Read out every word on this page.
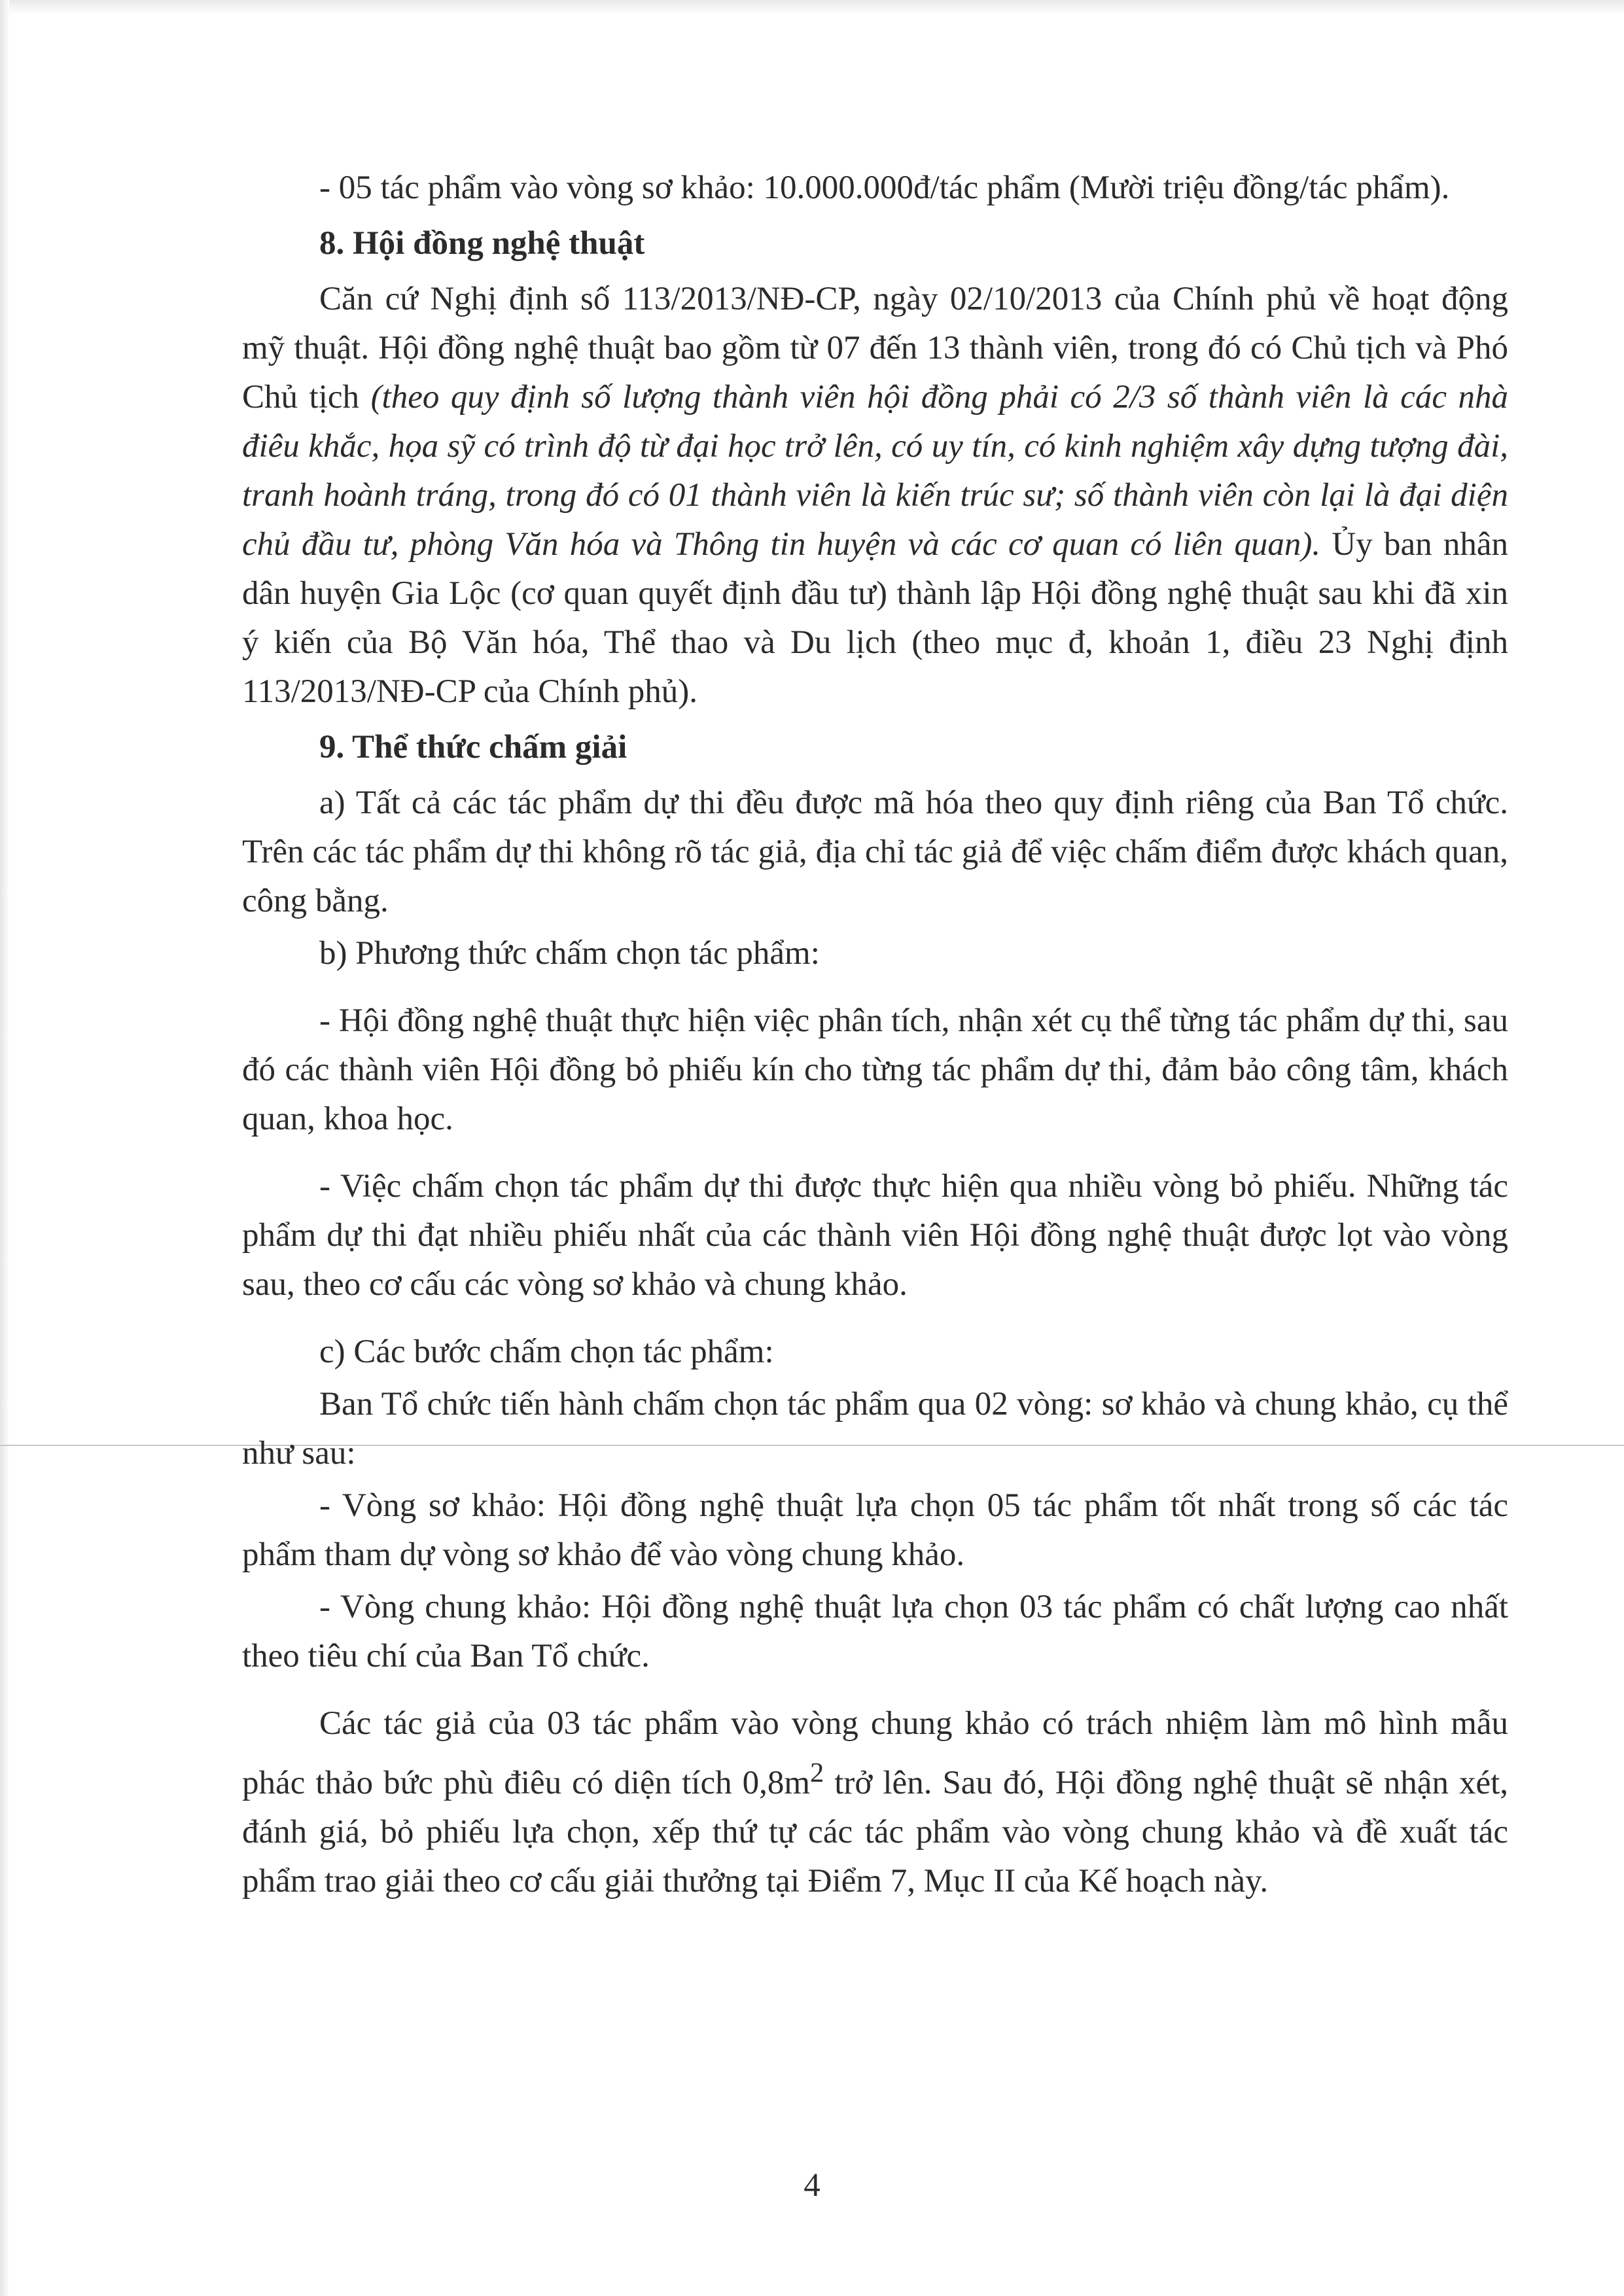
- 05 tác phẩm vào vòng sơ khảo: 10.000.000đ/tác phẩm (Mười triệu đồng/tác phẩm).

8. Hội đồng nghệ thuật

Căn cứ Nghị định số 113/2013/NĐ-CP, ngày 02/10/2013 của Chính phủ về hoạt động mỹ thuật. Hội đồng nghệ thuật bao gồm từ 07 đến 13 thành viên, trong đó có Chủ tịch và Phó Chủ tịch (theo quy định số lượng thành viên hội đồng phải có 2/3 số thành viên là các nhà điêu khắc, họa sỹ có trình độ từ đại học trở lên, có uy tín, có kinh nghiệm xây dựng tượng đài, tranh hoành tráng, trong đó có 01 thành viên là kiến trúc sư; số thành viên còn lại là đại diện chủ đầu tư, phòng Văn hóa và Thông tin huyện và các cơ quan có liên quan). Ủy ban nhân dân huyện Gia Lộc (cơ quan quyết định đầu tư) thành lập Hội đồng nghệ thuật sau khi đã xin ý kiến của Bộ Văn hóa, Thể thao và Du lịch (theo mục đ, khoản 1, điều 23 Nghị định 113/2013/NĐ-CP của Chính phủ).

9. Thể thức chấm giải

a) Tất cả các tác phẩm dự thi đều được mã hóa theo quy định riêng của Ban Tổ chức. Trên các tác phẩm dự thi không rõ tác giả, địa chỉ tác giả để việc chấm điểm được khách quan, công bằng.

b) Phương thức chấm chọn tác phẩm:

- Hội đồng nghệ thuật thực hiện việc phân tích, nhận xét cụ thể từng tác phẩm dự thi, sau đó các thành viên Hội đồng bỏ phiếu kín cho từng tác phẩm dự thi, đảm bảo công tâm, khách quan, khoa học.

- Việc chấm chọn tác phẩm dự thi được thực hiện qua nhiều vòng bỏ phiếu. Những tác phẩm dự thi đạt nhiều phiếu nhất của các thành viên Hội đồng nghệ thuật được lọt vào vòng sau, theo cơ cấu các vòng sơ khảo và chung khảo.

c) Các bước chấm chọn tác phẩm:

Ban Tổ chức tiến hành chấm chọn tác phẩm qua 02 vòng: sơ khảo và chung khảo, cụ thể như sau:

- Vòng sơ khảo: Hội đồng nghệ thuật lựa chọn 05 tác phẩm tốt nhất trong số các tác phẩm tham dự vòng sơ khảo để vào vòng chung khảo.

- Vòng chung khảo: Hội đồng nghệ thuật lựa chọn 03 tác phẩm có chất lượng cao nhất theo tiêu chí của Ban Tổ chức.

Các tác giả của 03 tác phẩm vào vòng chung khảo có trách nhiệm làm mô hình mẫu phác thảo bức phù điêu có diện tích $0,8m^2$ trở lên. Sau đó, Hội đồng nghệ thuật sẽ nhận xét, đánh giá, bỏ phiếu lựa chọn, xếp thứ tự các tác phẩm vào vòng chung khảo và đề xuất tác phẩm trao giải theo cơ cấu giải thưởng tại Điểm 7, Mục II của Kế hoạch này.

4
